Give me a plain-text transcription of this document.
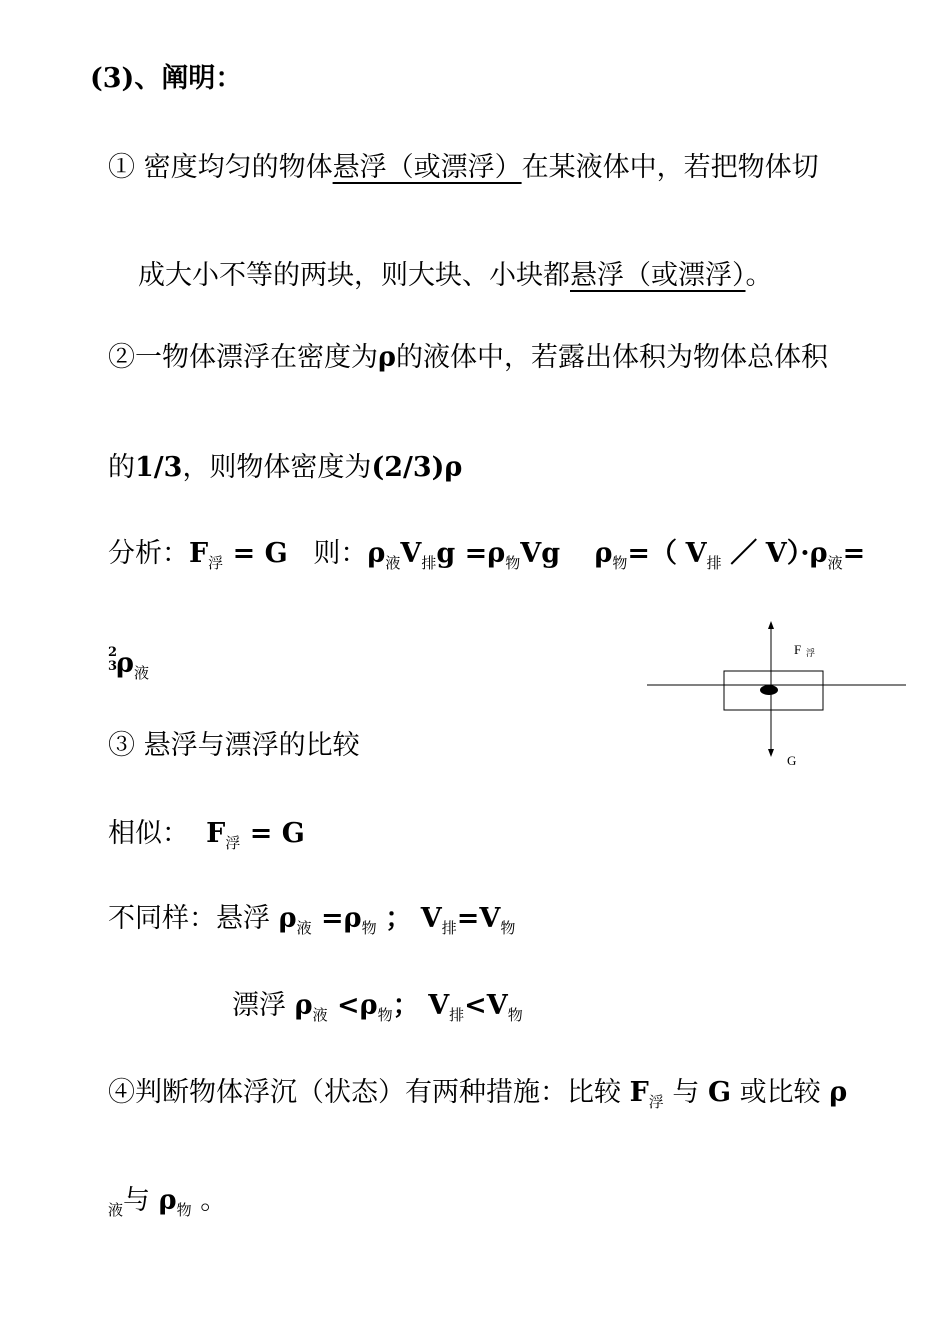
(3)、阐明：
① 密度均匀的物体悬浮（或漂浮）在某液体中，若把物体切
成大小不等的两块，则大块、小块都悬浮（或漂浮）。
②一物体漂浮在密度为ρ的液体中，若露出体积为物体总体积
的1/3，则物体密度为(2/3)ρ
分析：$F_浮 = G$ 则：$\rho_液V_排g =\rho_物Vg$ $\rho_物=$（ $V_排$ ／ $V)\cdot\rho_液=$
2
3
$\rho_液$
F 浮
G
③ 悬浮与漂浮的比较
相似： $F_浮 = G$
不同样：悬浮 $\rho_液 =\rho_物$ ； $V_排=V_物$
漂浮 $\rho_液 <\rho_物$； $V_排<V_物$
④判断物体浮沉（状态）有两种措施：比较 $F_浮$ 与 G 或比较 ρ
$_液$与 $\rho_物$ 。
